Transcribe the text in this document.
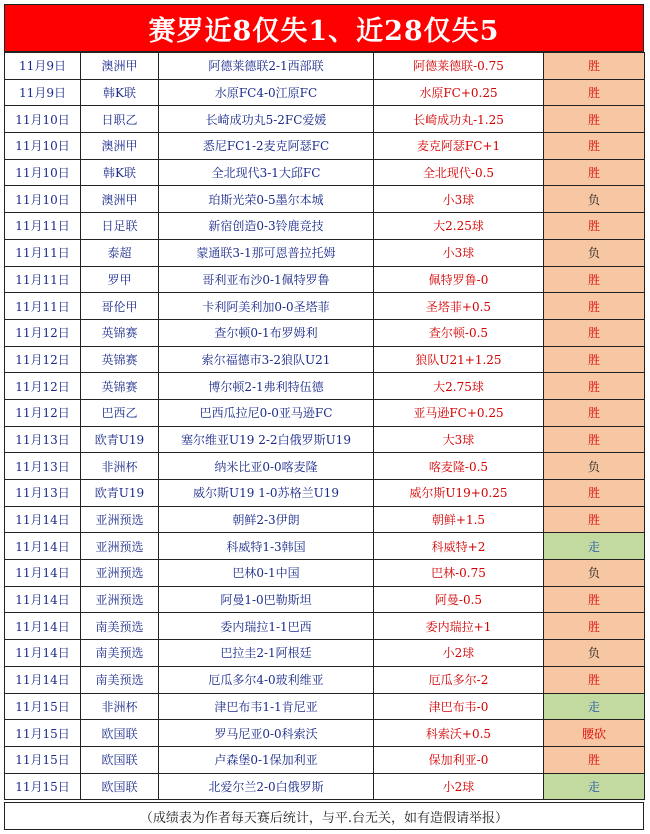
赛罗近8仅失1、近28仅失5
11月9日	澳洲甲	阿德莱德联2-1西部联	阿德莱德联-0.75	胜
11月9日	韩K联	水原FC4-0江原FC	水原FC+0.25	胜
11月10日	日职乙	长崎成功丸5-2FC爱媛	长崎成功丸-1.25	胜
11月10日	澳洲甲	悉尼FC1-2麦克阿瑟FC	麦克阿瑟FC+1	胜
11月10日	韩K联	全北现代3-1大邱FC	全北现代-0.5	胜
11月10日	澳洲甲	珀斯光荣0-5墨尔本城	小3球	负
11月11日	日足联	新宿创造0-3铃鹿竞技	大2.25球	胜
11月11日	泰超	蒙通联3-1那可恩普拉托姆	小3球	负
11月11日	罗甲	哥利亚布沙0-1佩特罗鲁	佩特罗鲁-0	胜
11月11日	哥伦甲	卡利阿美利加0-0圣塔菲	圣塔菲+0.5	胜
11月12日	英锦赛	查尔顿0-1布罗姆利	查尔顿-0.5	胜
11月12日	英锦赛	索尔福德市3-2狼队U21	狼队U21+1.25	胜
11月12日	英锦赛	博尔顿2-1弗利特伍德	大2.75球	胜
11月12日	巴西乙	巴西瓜拉尼0-0亚马逊FC	亚马逊FC+0.25	胜
11月13日	欧青U19	塞尔维亚U19 2-2白俄罗斯U19	大3球	胜
11月13日	非洲杯	纳米比亚0-0喀麦隆	喀麦隆-0.5	负
11月13日	欧青U19	威尔斯U19 1-0苏格兰U19	威尔斯U19+0.25	胜
11月14日	亚洲预选	朝鲜2-3伊朗	朝鲜+1.5	胜
11月14日	亚洲预选	科威特1-3韩国	科威特+2	走
11月14日	亚洲预选	巴林0-1中国	巴林-0.75	负
11月14日	亚洲预选	阿曼1-0巴勒斯坦	阿曼-0.5	胜
11月14日	南美预选	委内瑞拉1-1巴西	委内瑞拉+1	胜
11月14日	南美预选	巴拉圭2-1阿根廷	小2球	负
11月14日	南美预选	厄瓜多尔4-0玻利维亚	厄瓜多尔-2	胜
11月15日	非洲杯	津巴布韦1-1肯尼亚	津巴布韦-0	走
11月15日	欧国联	罗马尼亚0-0科索沃	科索沃+0.5	腰砍
11月15日	欧国联	卢森堡0-1保加利亚	保加利亚-0	胜
11月15日	欧国联	北爱尔兰2-0白俄罗斯	小2球	走
（成绩表为作者每天赛后统计，与平.台无关，如有造假请举报）
